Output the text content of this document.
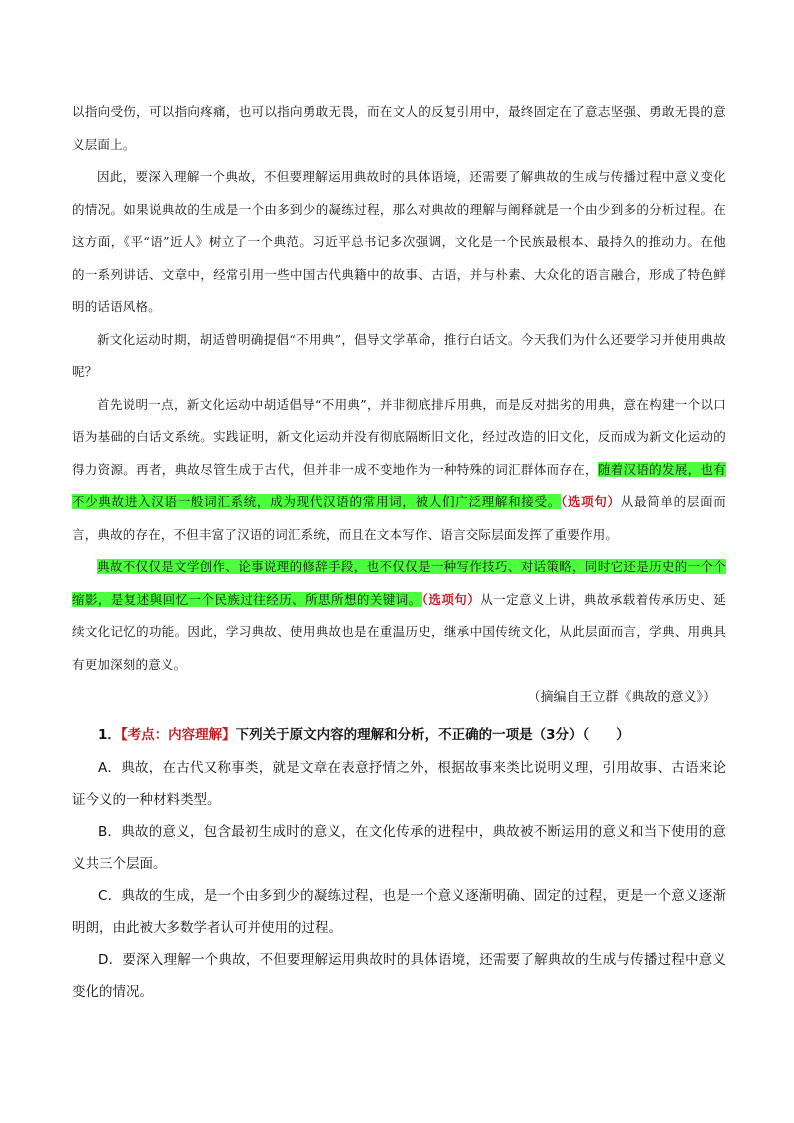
以指向受伤，可以指向疼痛，也可以指向勇敢无畏，而在文人的反复引用中，最终固定在了意志坚强、勇敢无畏的意义层面上。

因此，要深入理解一个典故，不但要理解运用典故时的具体语境，还需要了解典故的生成与传播过程中意义变化的情况。如果说典故的生成是一个由多到少的凝练过程，那么对典故的理解与阐释就是一个由少到多的分析过程。在这方面，《平“语”近人》树立了一个典范。习近平总书记多次强调，文化是一个民族最根本、最持久的推动力。在他的一系列讲话、文章中，经常引用一些中国古代典籍中的故事、古语，并与朴素、大众化的语言融合，形成了特色鲜明的话语风格。

新文化运动时期，胡适曾明确提倡“不用典”，倡导文学革命，推行白话文。今天我们为什么还要学习并使用典故呢？

首先说明一点，新文化运动中胡适倡导“不用典”，并非彻底排斥用典，而是反对拙劣的用典，意在构建一个以口语为基础的白话文系统。实践证明，新文化运动并没有彻底隔断旧文化，经过改造的旧文化，反而成为新文化运动的得力资源。再者，典故尽管生成于古代，但并非一成不变地作为一种特殊的词汇群体而存在，随着汉语的发展，也有不少典故进入汉语一般词汇系统，成为现代汉语的常用词，被人们广泛理解和接受。（选项句）从最简单的层面而言，典故的存在，不但丰富了汉语的词汇系统，而且在文本写作、语言交际层面发挥了重要作用。

典故不仅仅是文学创作、论事说理的修辞手段，也不仅仅是一种写作技巧、对话策略，同时它还是历史的一个个缩影，是复述與回忆一个民族过往经历、所思所想的关键词。（选项句）从一定意义上讲，典故承载着传承历史、延续文化记忆的功能。因此，学习典故、使用典故也是在重温历史，继承中国传统文化，从此层面而言，学典、用典具有更加深刻的意义。

（摘编自王立群《典故的意义》）

1．【考点：内容理解】下列关于原文内容的理解和分析，不正确的一项是（3分）（　　）

A．典故，在古代又称事类，就是文章在表意抒情之外，根据故事来类比说明义理，引用故事、古语来论证今义的一种材料类型。

B．典故的意义，包含最初生成时的意义，在文化传承的进程中，典故被不断运用的意义和当下使用的意义共三个层面。

C．典故的生成，是一个由多到少的凝练过程，也是一个意义逐渐明确、固定的过程，更是一个意义逐渐明朗，由此被大多数学者认可并使用的过程。

D．要深入理解一个典故，不但要理解运用典故时的具体语境，还需要了解典故的生成与传播过程中意义变化的情况。
